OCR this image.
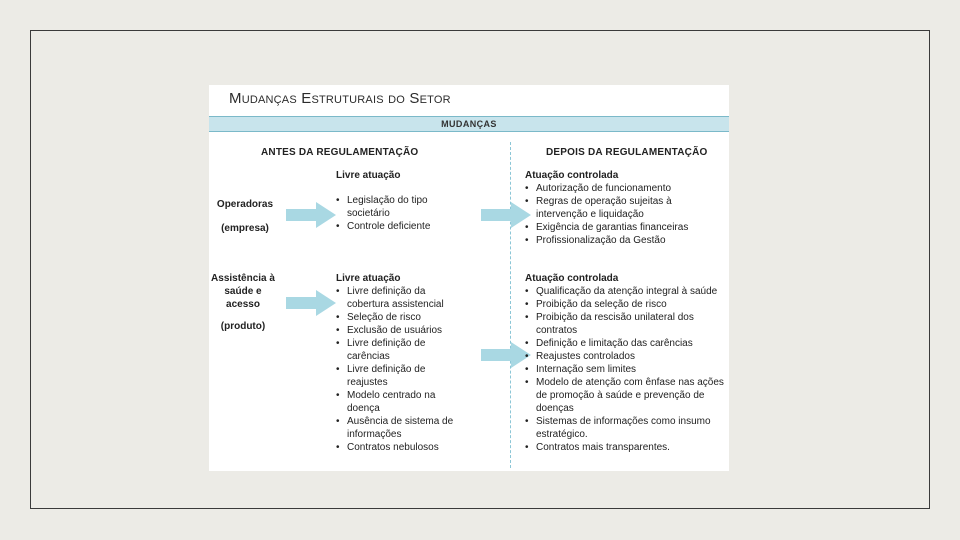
Mudanças Estruturais do Setor
MUDANÇAS
ANTES DA REGULAMENTAÇÃO	DEPOIS DA REGULAMENTAÇÃO
Operadoras
(empresa)
Assistência à saúde e acesso
(produto)
Livre atuação
• Legislação do tipo societário
• Controle deficiente
Atuação controlada
• Autorização de funcionamento
• Regras de operação sujeitas à intervenção e liquidação
• Exigência de garantias financeiras
• Profissionalização da Gestão
Livre atuação
• Livre definição da cobertura assistencial
• Seleção de risco
• Exclusão de usuários
• Livre definição de carências
• Livre definição de reajustes
• Modelo centrado na doença
• Ausência de sistema de informações
• Contratos nebulosos
Atuação controlada
• Qualificação da atenção integral à saúde
• Proibição da seleção de risco
• Proibição da rescisão unilateral dos contratos
• Definição e limitação das carências
• Reajustes controlados
• Internação sem limites
• Modelo de atenção com ênfase nas ações de promoção à saúde e prevenção de doenças
• Sistemas de informações como insumo estratégico.
• Contratos mais transparentes.
